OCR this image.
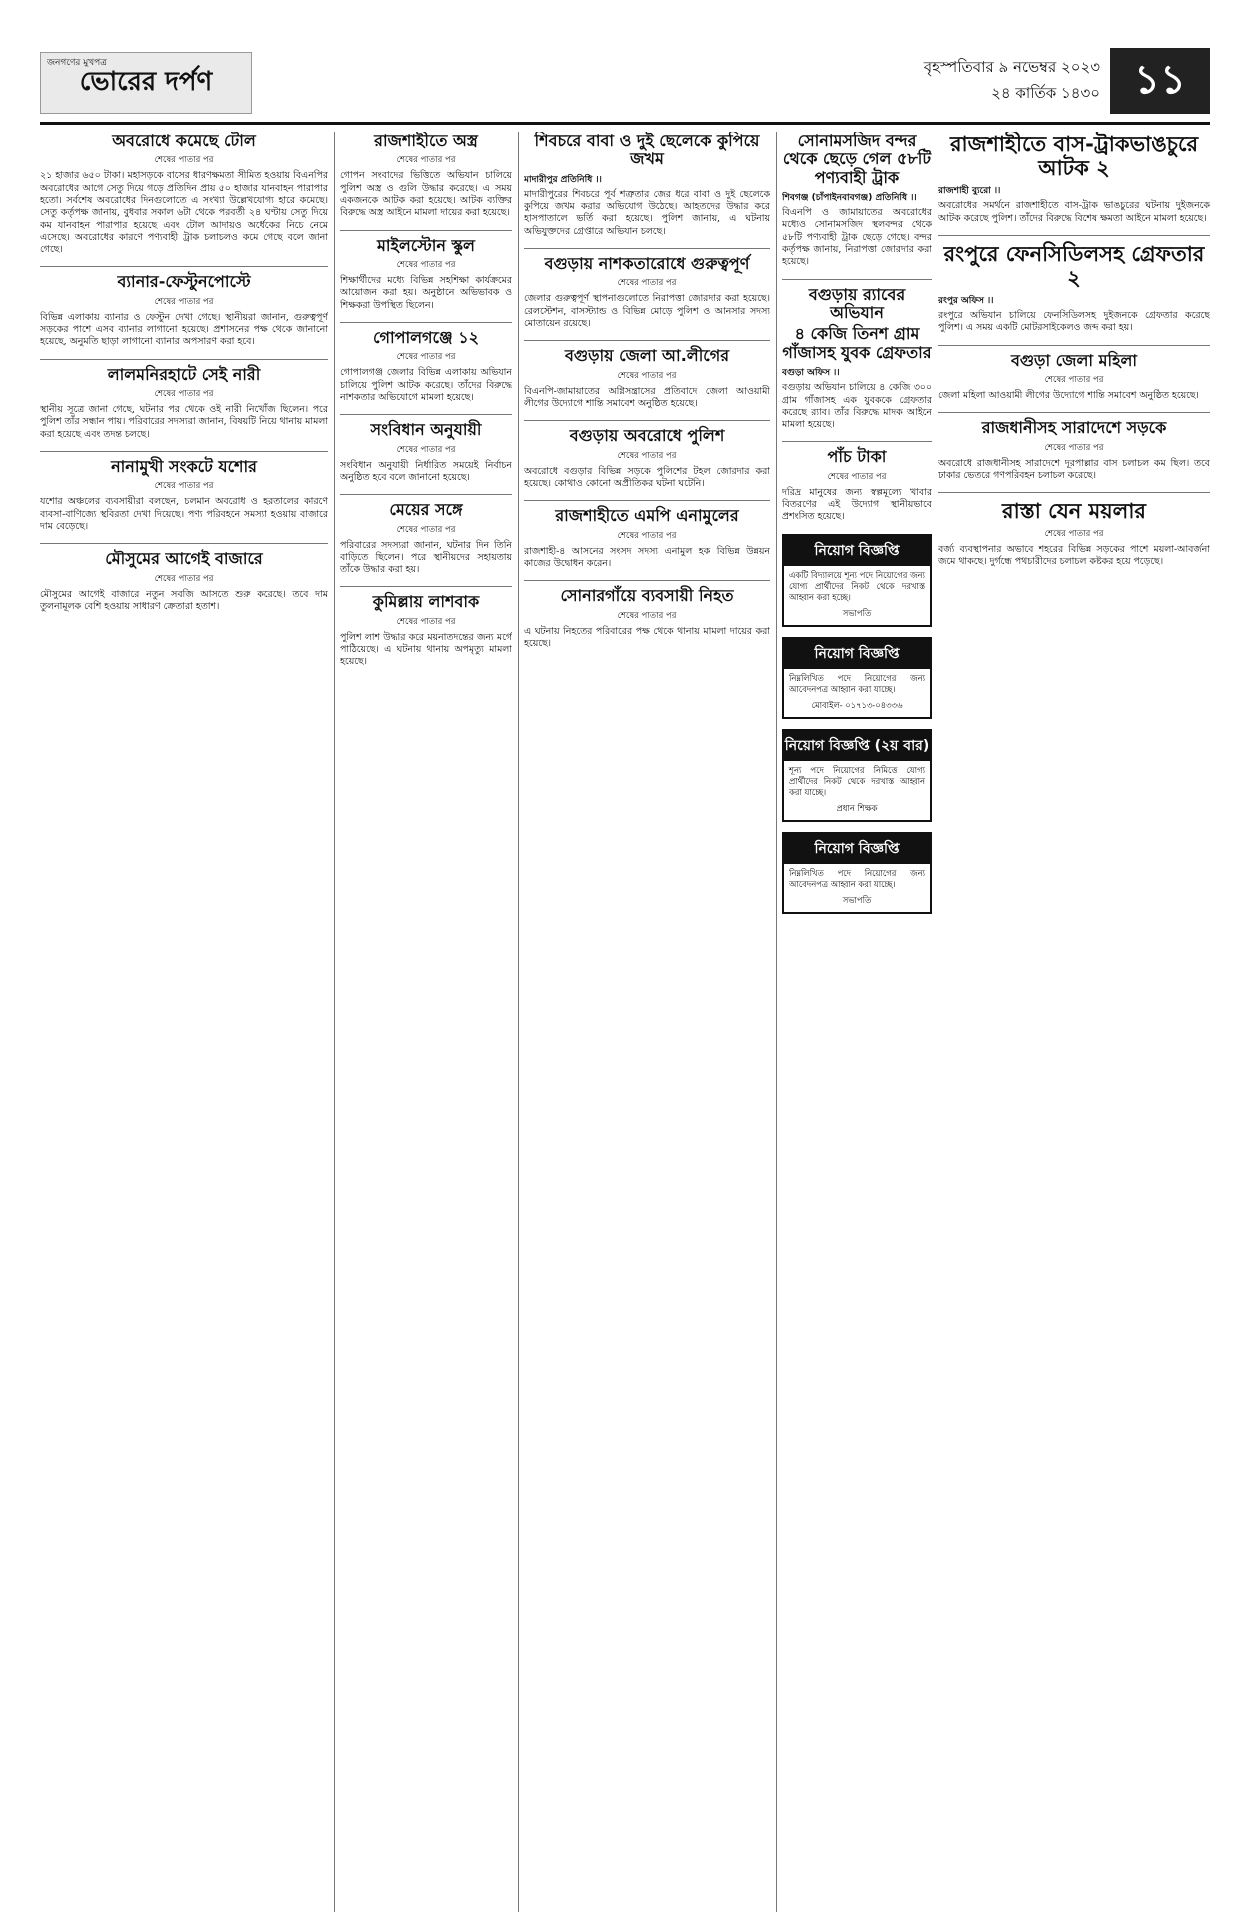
জনগণের মুখপত্র
ভোরের দর্পণ	বৃহস্পতিবার ৯ নভেম্বর ২০২৩
২৪ কার্তিক ১৪৩০ ১১
অবরোধে কমেছে টোল
শেষের পাতার পর

২১ হাজার ৬৫০ টাকা। মহাসড়কে বাসের ধারণক্ষমতা সীমিত হওয়ায় বিএনপির অবরোধের আগে সেতু দিয়ে গড়ে প্রতিদিন প্রায় ৫০ হাজার যানবাহন পারাপার হতো। সর্বশেষ অবরোধের দিনগুলোতে এ সংখ্যা উল্লেখযোগ্য হারে কমেছে। সেতু কর্তৃপক্ষ জানায়, বুধবার সকাল ৬টা থেকে পরবর্তী ২৪ ঘণ্টায় সেতু দিয়ে কম যানবাহন পারাপার হয়েছে এবং টোল আদায়ও অর্ধেকের নিচে নেমে এসেছে। অবরোধের কারণে পণ্যবাহী ট্রাক চলাচলও কমে গেছে বলে জানা গেছে।

ব্যানার-ফেস্টুনপোস্টে
শেষের পাতার পর

বিভিন্ন এলাকায় ব্যানার ও ফেস্টুন দেখা গেছে। স্থানীয়রা জানান, গুরুত্বপূর্ণ সড়কের পাশে এসব ব্যানার লাগানো হয়েছে। প্রশাসনের পক্ষ থেকে জানানো হয়েছে, অনুমতি ছাড়া লাগানো ব্যানার অপসারণ করা হবে।

লালমনিরহাটে সেই নারী
শেষের পাতার পর

স্থানীয় সূত্রে জানা গেছে, ঘটনার পর থেকে ওই নারী নিখোঁজ ছিলেন। পরে পুলিশ তাঁর সন্ধান পায়। পরিবারের সদস্যরা জানান, বিষয়টি নিয়ে থানায় মামলা করা হয়েছে এবং তদন্ত চলছে।

নানামুখী সংকটে যশোর
শেষের পাতার পর

যশোর অঞ্চলের ব্যবসায়ীরা বলছেন, চলমান অবরোধ ও হরতালের কারণে ব্যবসা-বাণিজ্যে স্থবিরতা দেখা দিয়েছে। পণ্য পরিবহনে সমস্যা হওয়ায় বাজারে দাম বেড়েছে।

মৌসুমের আগেই বাজারে
শেষের পাতার পর

মৌসুমের আগেই বাজারে নতুন সবজি আসতে শুরু করেছে। তবে দাম তুলনামূলক বেশি হওয়ায় সাধারণ ক্রেতারা হতাশ।

রাজশাহীতে অস্ত্র
শেষের পাতার পর

গোপন সংবাদের ভিত্তিতে অভিযান চালিয়ে পুলিশ অস্ত্র ও গুলি উদ্ধার করেছে। এ সময় একজনকে আটক করা হয়েছে। আটক ব্যক্তির বিরুদ্ধে অস্ত্র আইনে মামলা দায়ের করা হয়েছে।

মাইলস্টোন স্কুল
শেষের পাতার পর

শিক্ষার্থীদের মধ্যে বিভিন্ন সহশিক্ষা কার্যক্রমের আয়োজন করা হয়। অনুষ্ঠানে অভিভাবক ও শিক্ষকরা উপস্থিত ছিলেন।

গোপালগঞ্জে ১২
শেষের পাতার পর

গোপালগঞ্জ জেলার বিভিন্ন এলাকায় অভিযান চালিয়ে পুলিশ আটক করেছে। তাঁদের বিরুদ্ধে নাশকতার অভিযোগে মামলা হয়েছে।

সংবিধান অনুযায়ী
শেষের পাতার পর

সংবিধান অনুযায়ী নির্ধারিত সময়েই নির্বাচন অনুষ্ঠিত হবে বলে জানানো হয়েছে।

মেয়ের সঙ্গে
শেষের পাতার পর

পরিবারের সদস্যরা জানান, ঘটনার দিন তিনি বাড়িতে ছিলেন। পরে স্থানীয়দের সহায়তায় তাঁকে উদ্ধার করা হয়।

কুমিল্লায় লাশবাক
শেষের পাতার পর

পুলিশ লাশ উদ্ধার করে ময়নাতদন্তের জন্য মর্গে পাঠিয়েছে। এ ঘটনায় থানায় অপমৃত্যু মামলা হয়েছে।

শিবচরে বাবা ও দুই ছেলেকে কুপিয়ে জখম
মাদারীপুর প্রতিনিধি ।।

মাদারীপুরের শিবচরে পূর্ব শত্রুতার জের ধরে বাবা ও দুই ছেলেকে কুপিয়ে জখম করার অভিযোগ উঠেছে। আহতদের উদ্ধার করে হাসপাতালে ভর্তি করা হয়েছে। পুলিশ জানায়, এ ঘটনায় অভিযুক্তদের গ্রেপ্তারে অভিযান চলছে।

বগুড়ায় নাশকতারোধে গুরুত্বপূর্ণ
শেষের পাতার পর

জেলার গুরুত্বপূর্ণ স্থাপনাগুলোতে নিরাপত্তা জোরদার করা হয়েছে। রেলস্টেশন, বাসস্ট্যান্ড ও বিভিন্ন মোড়ে পুলিশ ও আনসার সদস্য মোতায়েন রয়েছে।

বগুড়ায় জেলা আ.লীগের
শেষের পাতার পর

বিএনপি-জামায়াতের অগ্নিসন্ত্রাসের প্রতিবাদে জেলা আওয়ামী লীগের উদ্যোগে শান্তি সমাবেশ অনুষ্ঠিত হয়েছে।

বগুড়ায় অবরোধে পুলিশ
শেষের পাতার পর

অবরোধে বগুড়ার বিভিন্ন সড়কে পুলিশের টহল জোরদার করা হয়েছে। কোথাও কোনো অপ্রীতিকর ঘটনা ঘটেনি।

রাজশাহীতে এমপি এনামুলের
শেষের পাতার পর

রাজশাহী-৪ আসনের সংসদ সদস্য এনামুল হক বিভিন্ন উন্নয়ন কাজের উদ্বোধন করেন।

সোনারগাঁয়ে ব্যবসায়ী নিহত
শেষের পাতার পর

এ ঘটনায় নিহতের পরিবারের পক্ষ থেকে থানায় মামলা দায়ের করা হয়েছে।

সোনামসজিদ বন্দর থেকে ছেড়ে গেল ৫৮টি পণ্যবাহী ট্রাক
শিবগঞ্জ (চাঁপাইনবাবগঞ্জ) প্রতিনিধি ।।

বিএনপি ও জামায়াতের অবরোধের মধ্যেও সোনামসজিদ স্থলবন্দর থেকে ৫৮টি পণ্যবাহী ট্রাক ছেড়ে গেছে। বন্দর কর্তৃপক্ষ জানায়, নিরাপত্তা জোরদার করা হয়েছে।

বগুড়ায় র‍্যাবের অভিযান
৪ কেজি তিনশ গ্রাম গাঁজাসহ যুবক গ্রেফতার
বগুড়া অফিস ।।

বগুড়ায় অভিযান চালিয়ে ৪ কেজি ৩০০ গ্রাম গাঁজাসহ এক যুবককে গ্রেফতার করেছে র‍্যাব। তাঁর বিরুদ্ধে মাদক আইনে মামলা হয়েছে।

পাঁচ টাকা
শেষের পাতার পর

দরিদ্র মানুষের জন্য স্বল্পমূল্যে খাবার বিতরণের এই উদ্যোগ স্থানীয়ভাবে প্রশংসিত হয়েছে।

নিয়োগ বিজ্ঞপ্তি

একটি বিদ্যালয়ে শূন্য পদে নিয়োগের জন্য যোগ্য প্রার্থীদের নিকট থেকে দরখাস্ত আহ্বান করা হচ্ছে।

সভাপতি
নিয়োগ বিজ্ঞপ্তি

নিম্নলিখিত পদে নিয়োগের জন্য আবেদনপত্র আহ্বান করা যাচ্ছে।

মোবাইল- ০১৭১৩-০৪৩৩৬
নিয়োগ বিজ্ঞপ্তি (২য় বার)

শূন্য পদে নিয়োগের নিমিত্তে যোগ্য প্রার্থীদের নিকট থেকে দরখাস্ত আহ্বান করা যাচ্ছে।

প্রধান শিক্ষক
নিয়োগ বিজ্ঞপ্তি

নিম্নলিখিত পদে নিয়োগের জন্য আবেদনপত্র আহ্বান করা যাচ্ছে।

সভাপতি
রাজশাহীতে বাস-ট্রাকভাঙচুরে আটক ২
রাজশাহী ব্যুরো ।।

অবরোধের সমর্থনে রাজশাহীতে বাস-ট্রাক ভাঙচুরের ঘটনায় দুইজনকে আটক করেছে পুলিশ। তাঁদের বিরুদ্ধে বিশেষ ক্ষমতা আইনে মামলা হয়েছে।

রংপুরে ফেনসিডিলসহ গ্রেফতার ২
রংপুর অফিস ।।

রংপুরে অভিযান চালিয়ে ফেনসিডিলসহ দুইজনকে গ্রেফতার করেছে পুলিশ। এ সময় একটি মোটরসাইকেলও জব্দ করা হয়।

বগুড়া জেলা মহিলা
শেষের পাতার পর

জেলা মহিলা আওয়ামী লীগের উদ্যোগে শান্তি সমাবেশ অনুষ্ঠিত হয়েছে।

রাজধানীসহ সারাদেশে সড়কে
শেষের পাতার পর

অবরোধে রাজধানীসহ সারাদেশে দূরপাল্লার বাস চলাচল কম ছিল। তবে ঢাকার ভেতরে গণপরিবহন চলাচল করেছে।

রাস্তা যেন ময়লার
শেষের পাতার পর

বর্জ্য ব্যবস্থাপনার অভাবে শহরের বিভিন্ন সড়কের পাশে ময়লা-আবর্জনা জমে থাকছে। দুর্গন্ধে পথচারীদের চলাচল কষ্টকর হয়ে পড়েছে।
